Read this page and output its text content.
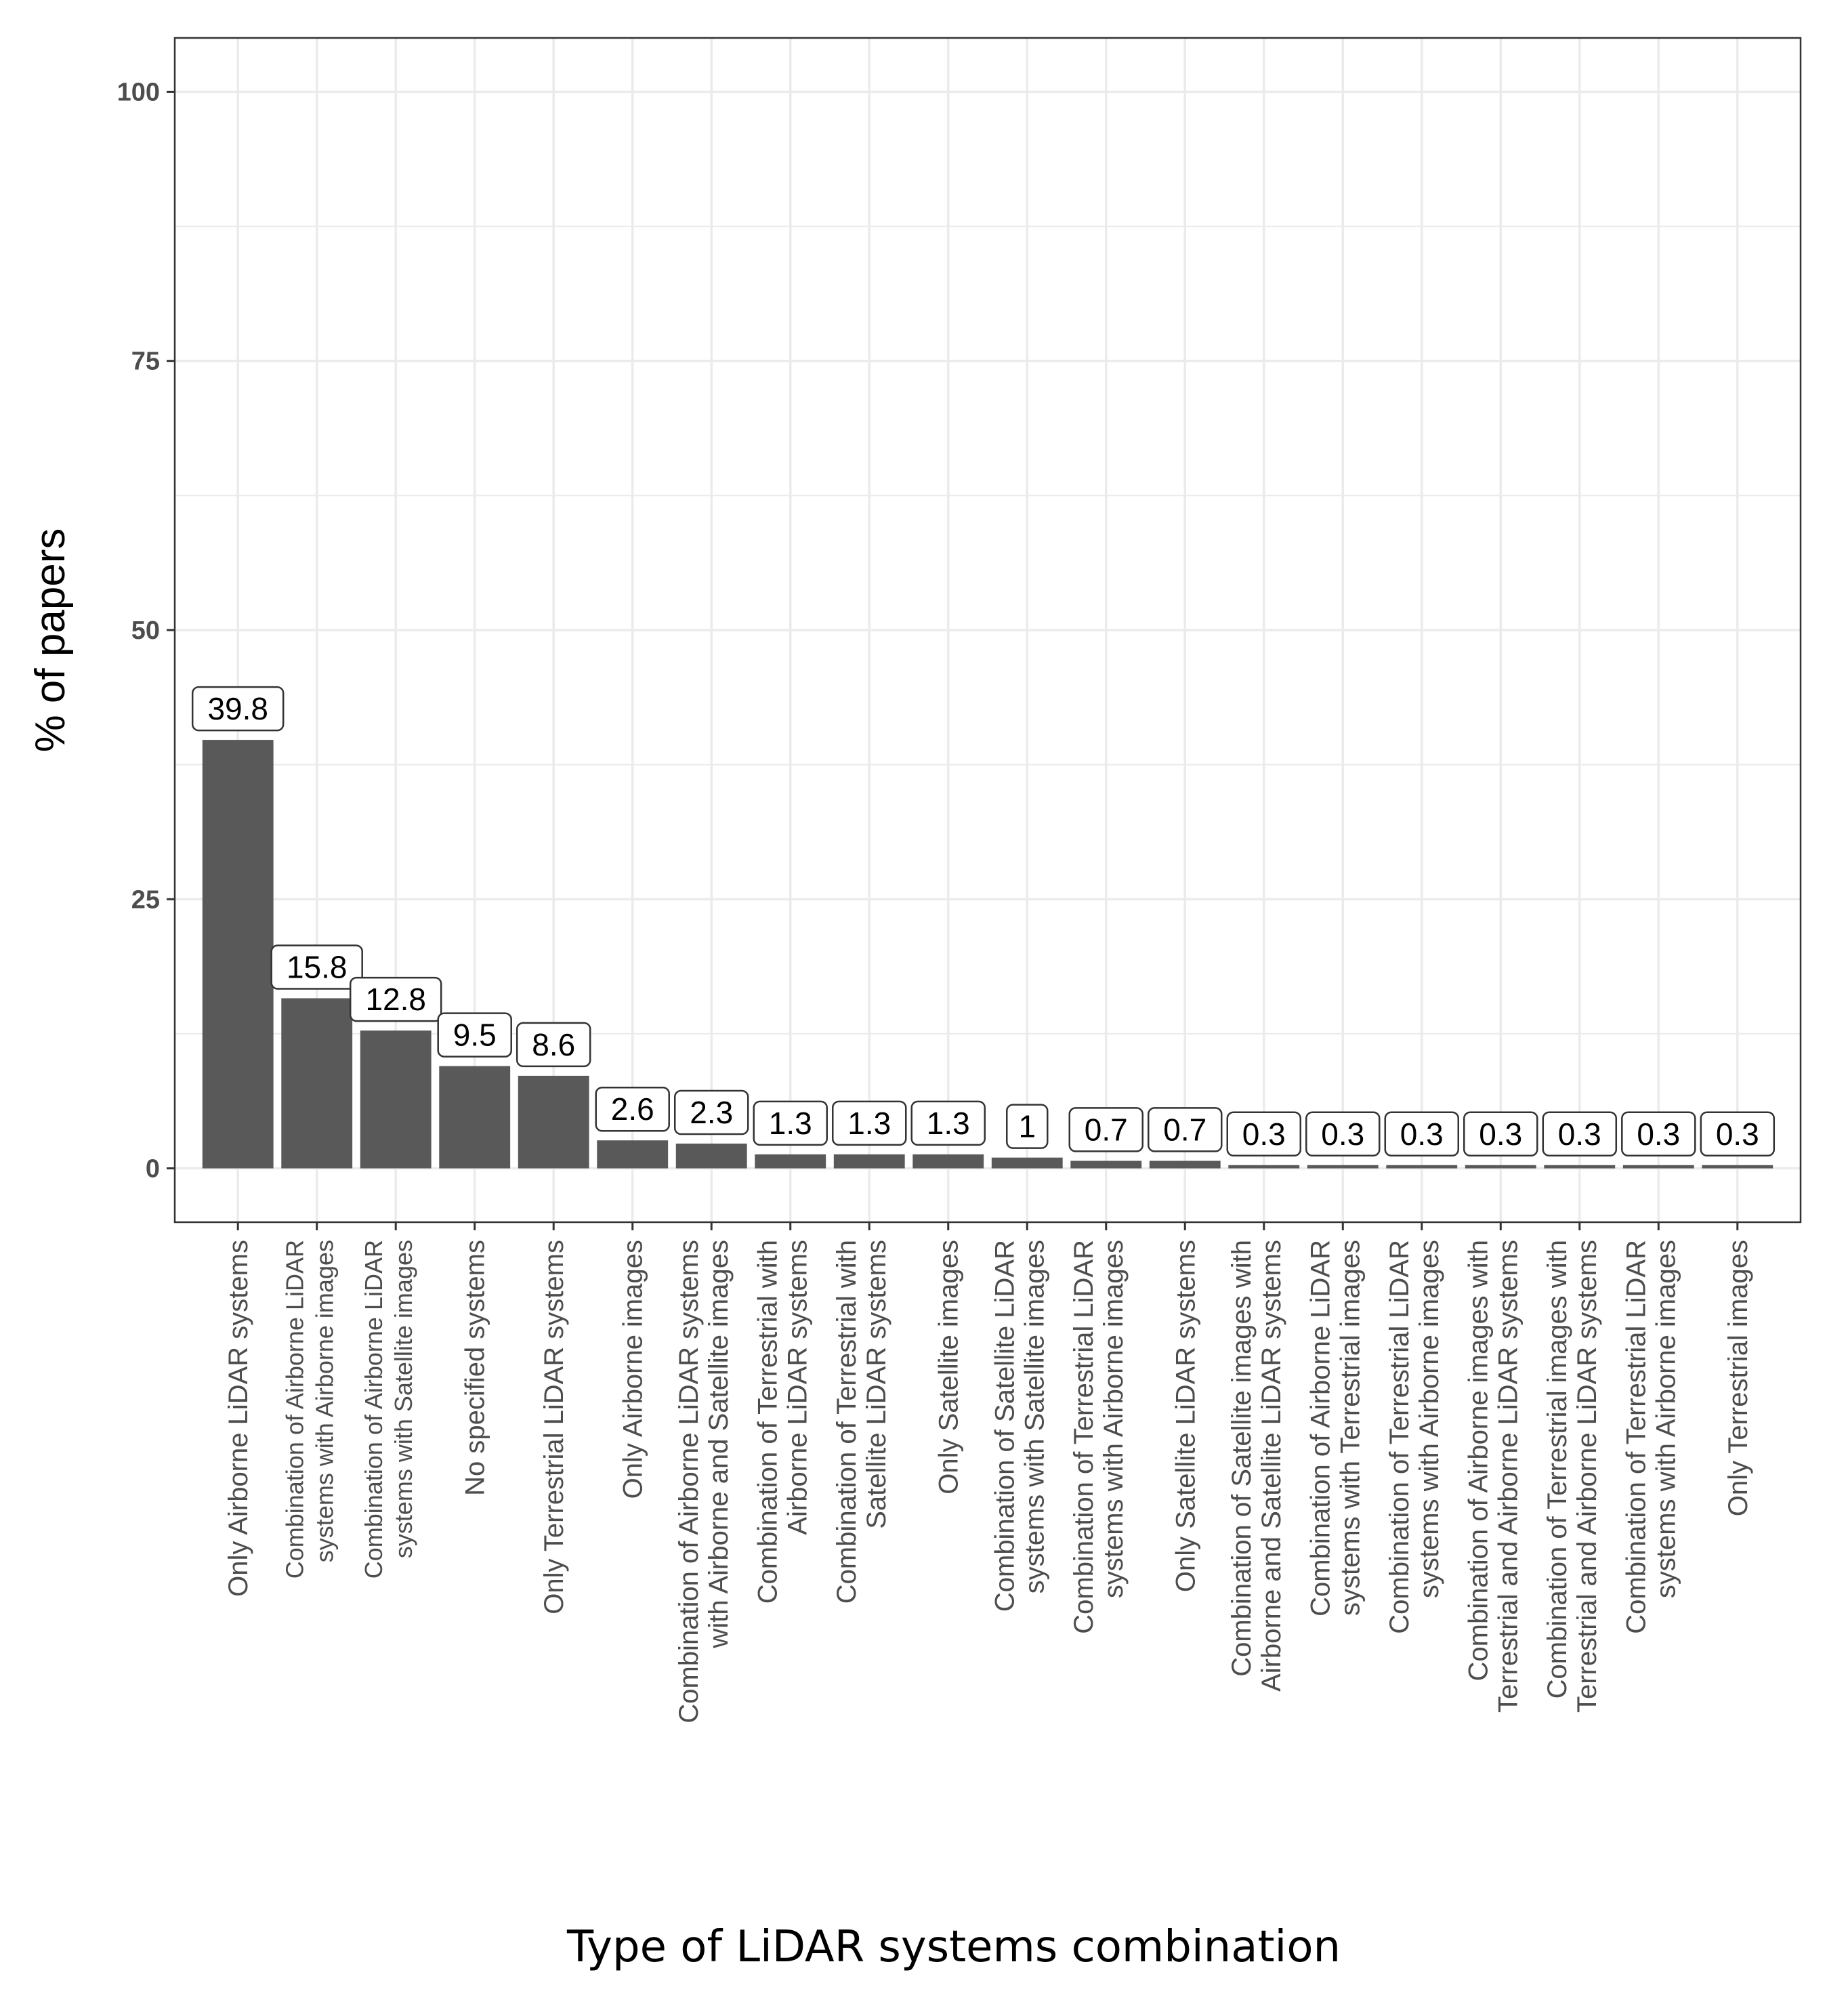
39.8
15.8
12.8
9.5 8.6
2.6 2.3 1.3 1.3 1.3 1 0.7 0.7 0.3 0.3 0.3 0.3 0.3 0.3 0.3
0
25
50
75
100
Only Airborne LiDAR systems Combination of Airborne LiDARsystems with Airborne images Combination of Airborne LiDARsystems with Satellite images No specified systems Only Terrestrial LiDAR systems Only Airborne images Combination of Airborne LiDAR systemswith Airborne and Satellite images Combination of Terrestrial withAirborne LiDAR systems Combination of Terrestrial withSatellite LiDAR systems Only Satellite images Combination of Satellite LiDARsystems with Satellite images Combination of Terrestrial LiDARsystems with Airborne images Only Satellite LiDAR systems Combination of Satellite images withAirborne and Satellite LiDAR systems Combination of Airborne LiDARsystems with Terrestrial images Combination of Terrestrial LiDARsystems with Airborne images Combination of Airborne images withTerrestrial and Airborne LiDAR systems Combination of Terrestrial images withTerrestrial and Airborne LiDAR systems Combination of Terrestrial LiDARsystems with Airborne images Only Terrestrial images
% of papers
Type of LiDAR systems combination
